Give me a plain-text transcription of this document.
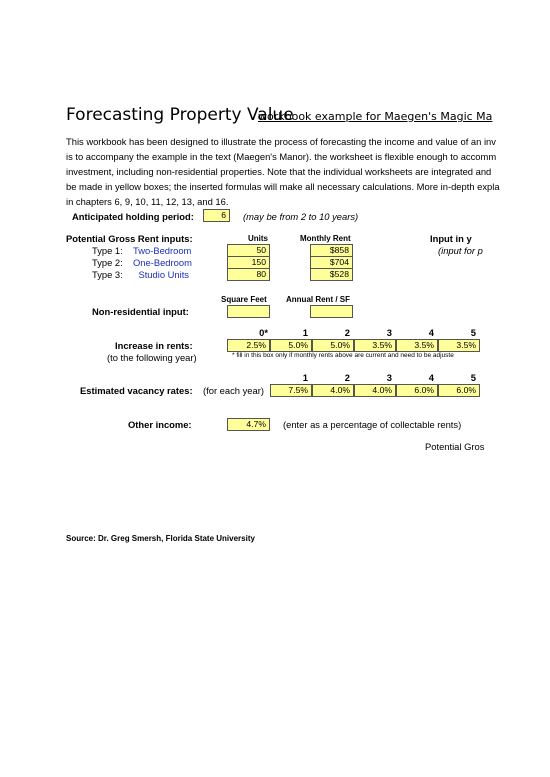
Forecasting Property Value
workbook example for Maegen's Magic Ma
This workbook has been designed to illustrate the process of forecasting the income and value of an inv
is to accompany the example in the text (Maegen's Manor). the worksheet is flexible enough to accomm
investment, including non-residential properties. Note that the individual worksheets are integrated and
be made in yellow boxes; the inserted formulas will make all necessary calculations. More in-depth expla
in chapters 6, 9, 10, 11, 12, 13, and 16.
Anticipated holding period:	6	(may be from 2 to 10 years)
Potential Gross Rent inputs:	Units	Monthly Rent	Input in y
(input for p
Type 1: Two-Bedroom	50	$858
Type 2: One-Bedroom	150	$704
Type 3:	Studio Units	80	$528
Square Feet Annual Rent / SF
Non-residential input:
0*	1	2	3	4	5
Increase in rents:
(to the following year)
2.5%	5.0%	5.0%	3.5%	3.5%	3.5%
* fill in this box only if monthly rents above are current and need to be adjuste
1	2	3	4	5
Estimated vacancy rates: (for each year)	7.5%	4.0%	4.0%	6.0%	6.0%
Other income:	4.7%	(enter as a percentage of collectable rents)
Potential Gros
Source: Dr. Greg Smersh, Florida State University
